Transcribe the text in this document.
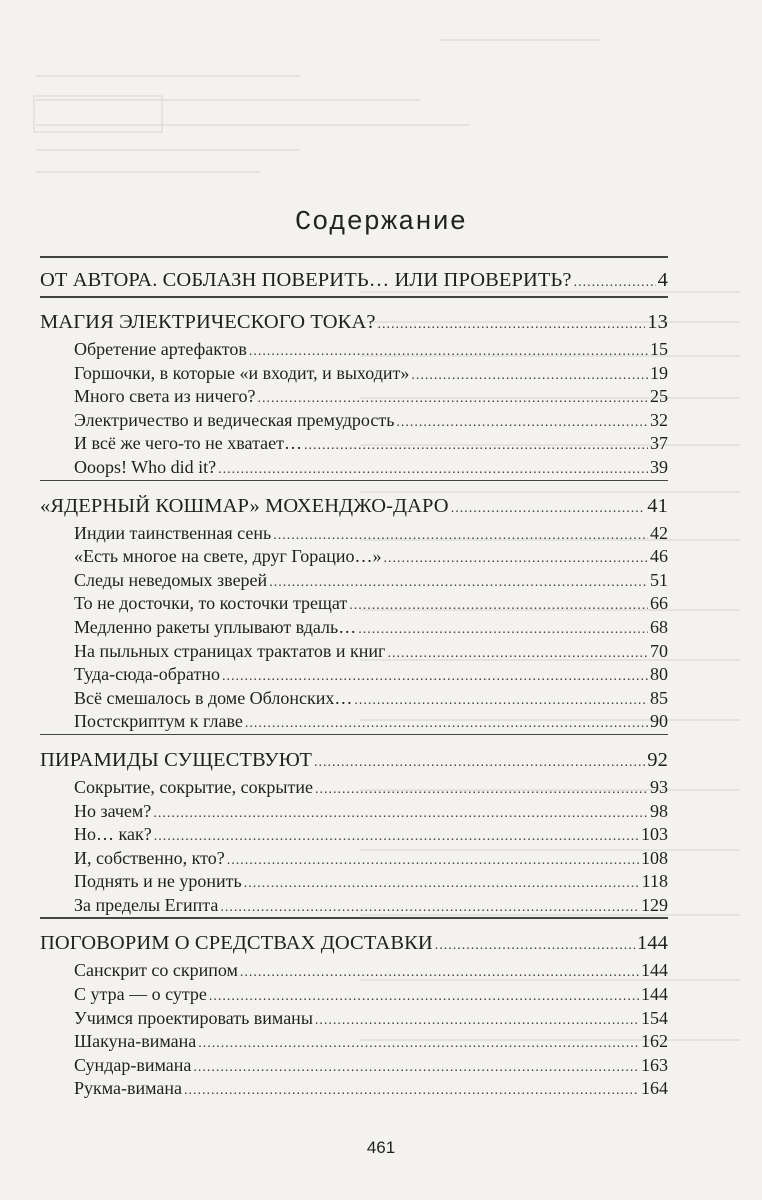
Содержание
ОТ АВТОРА. СОБЛАЗН ПОВЕРИТЬ… ИЛИ ПРОВЕРИТЬ? .....	4
МАГИЯ ЭЛЕКТРИЧЕСКОГО ТОКА? .....	13
Обретение артефактов .....	15
Горшочки, в которые «и входит, и выходит» .....	19
Много света из ничего? .....	25
Электричество и ведическая премудрость .....	32
И всё же чего-то не хватает… .....	37
Ooops! Who did it? .....	39
«ЯДЕРНЫЙ КОШМАР» МОХЕНДЖО-ДАРО .....	41
Индии таинственная сень .....	42
«Есть многое на свете, друг Горацио…» .....	46
Следы неведомых зверей .....	51
То не досточки, то косточки трещат .....	66
Медленно ракеты уплывают вдаль… .....	68
На пыльных страницах трактатов и книг .....	70
Туда-сюда-обратно .....	80
Всё смешалось в доме Облонских… .....	85
Постскриптум к главе .....	90
ПИРАМИДЫ СУЩЕСТВУЮТ .....	92
Сокрытие, сокрытие, сокрытие .....	93
Но зачем? .....	98
Но… как? .....	103
И, собственно, кто? .....	108
Поднять и не уронить .....	118
За пределы Египта .....	129
ПОГОВОРИМ О СРЕДСТВАХ ДОСТАВКИ .....	144
Санскрит со скрипом .....	144
С утра — о сутре .....	144
Учимся проектировать виманы .....	154
Шакуна-вимана .....	162
Сундар-вимана .....	163
Рукма-вимана .....	164
461
